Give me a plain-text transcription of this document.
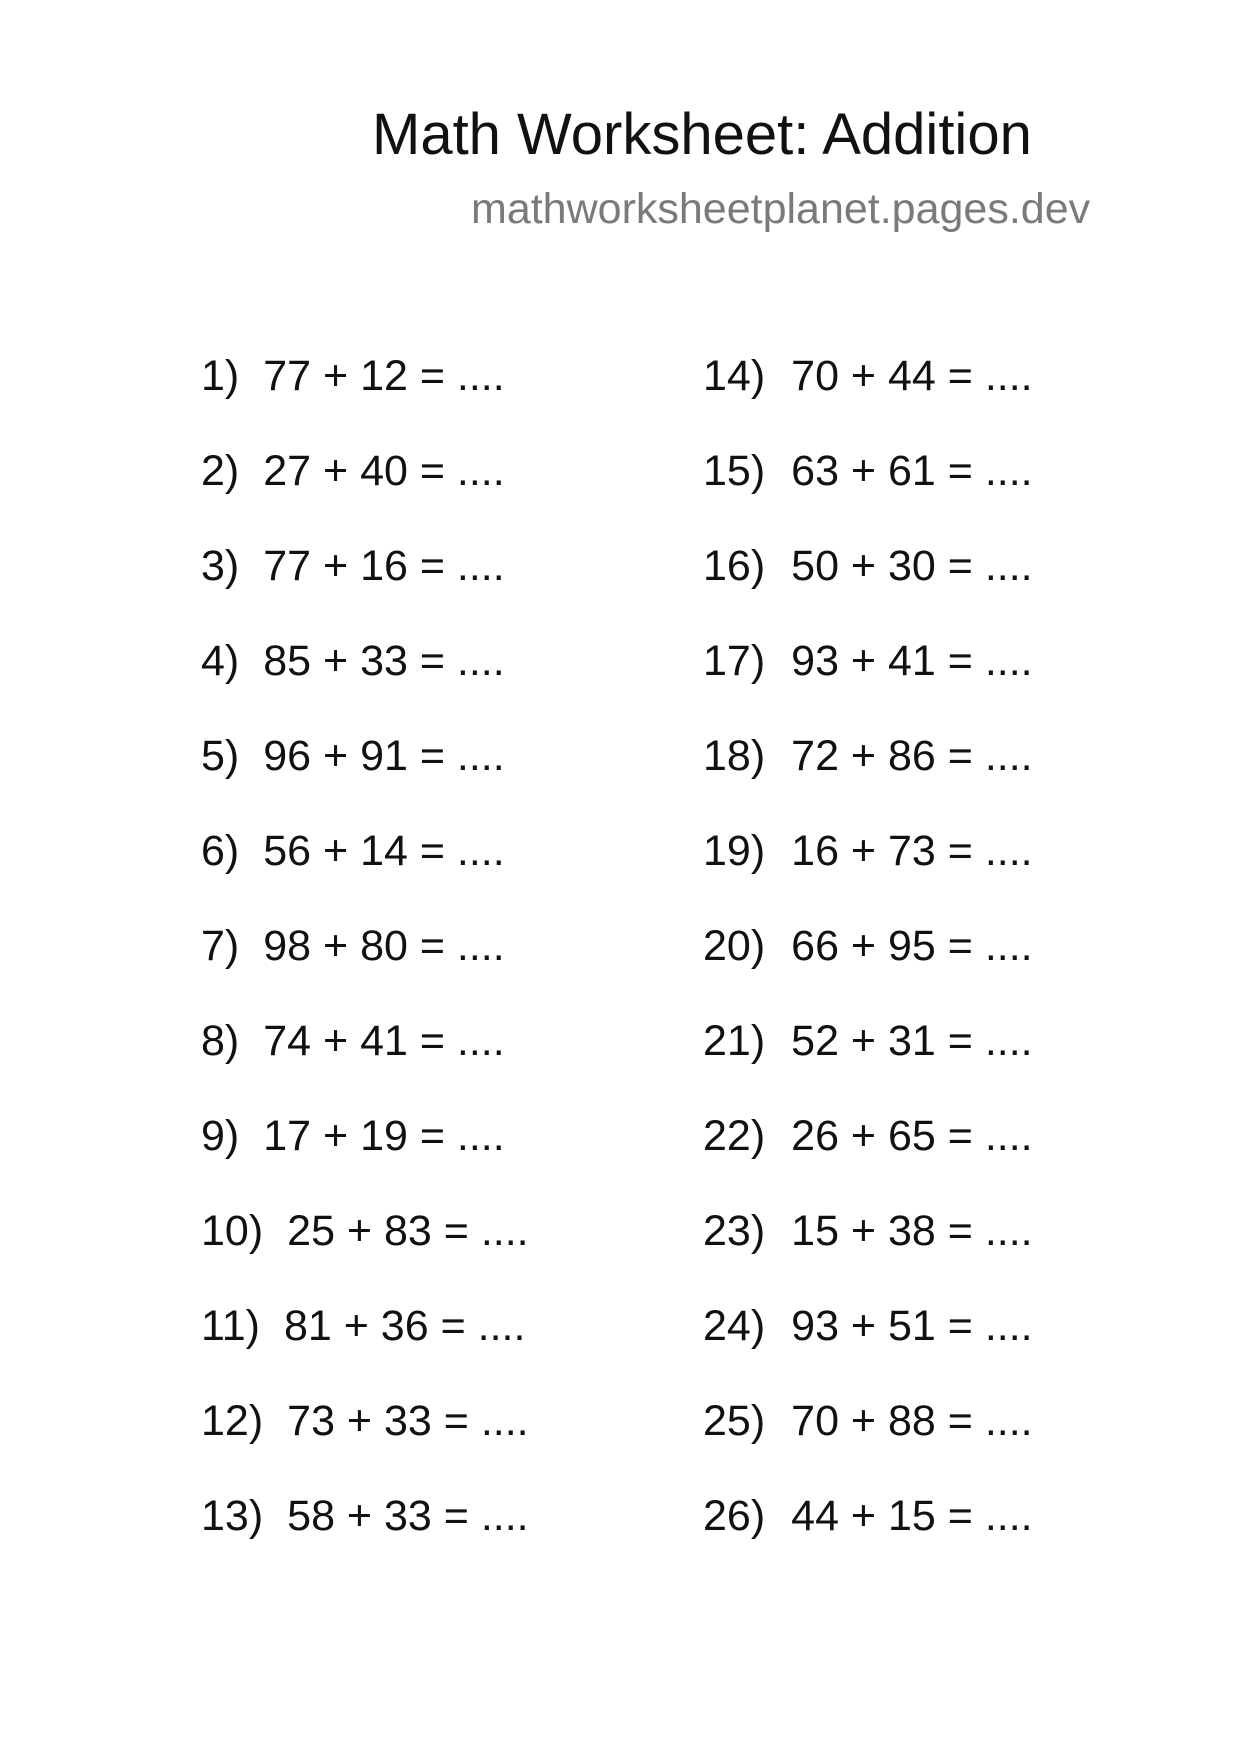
Math Worksheet: Addition
mathworksheetplanet.pages.dev
1) 77 + 12 = ....
2) 27 + 40 = ....
3) 77 + 16 = ....
4) 85 + 33 = ....
5) 96 + 91 = ....
6) 56 + 14 = ....
7) 98 + 80 = ....
8) 74 + 41 = ....
9) 17 + 19 = ....
10) 25 + 83 = ....
11) 81 + 36 = ....
12) 73 + 33 = ....
13) 58 + 33 = ....
14) 70 + 44 = ....
15) 63 + 61 = ....
16) 50 + 30 = ....
17) 93 + 41 = ....
18) 72 + 86 = ....
19) 16 + 73 = ....
20) 66 + 95 = ....
21) 52 + 31 = ....
22) 26 + 65 = ....
23) 15 + 38 = ....
24) 93 + 51 = ....
25) 70 + 88 = ....
26) 44 + 15 = ....
